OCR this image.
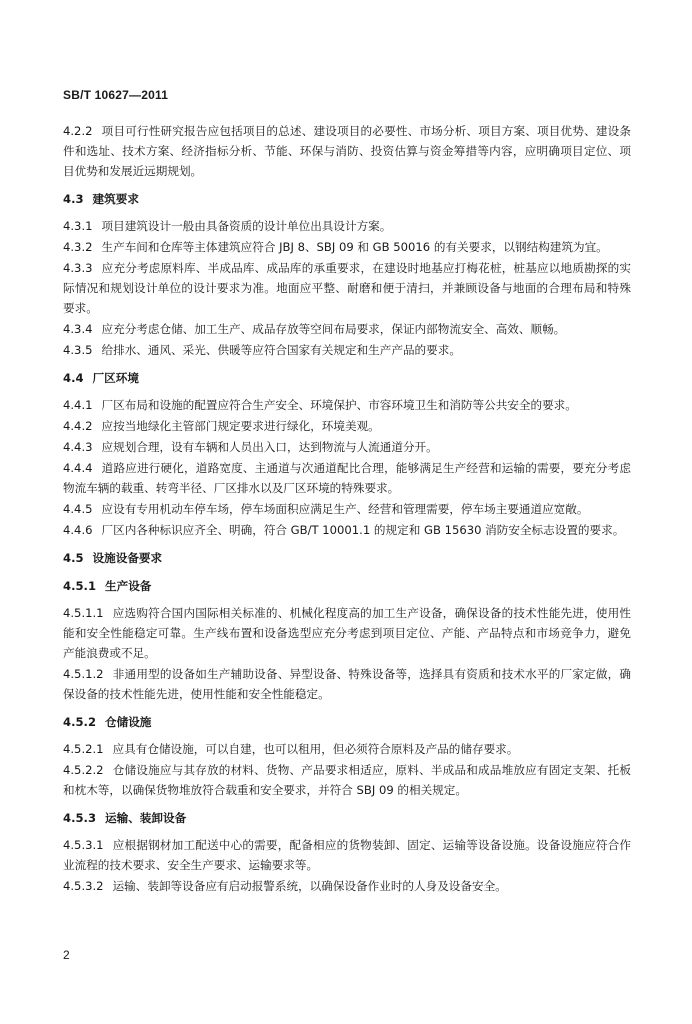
SB/T 10627—2011
4.2.2 项目可行性研究报告应包括项目的总述、建设项目的必要性、市场分析、项目方案、项目优势、建设条件和选址、技术方案、经济指标分析、节能、环保与消防、投资估算与资金筹措等内容，应明确项目定位、项目优势和发展近远期规划。
4.3 建筑要求
4.3.1 项目建筑设计一般由具备资质的设计单位出具设计方案。
4.3.2 生产车间和仓库等主体建筑应符合 JBJ 8、SBJ 09 和 GB 50016 的有关要求，以钢结构建筑为宜。
4.3.3 应充分考虑原料库、半成品库、成品库的承重要求，在建设时地基应打梅花桩，桩基应以地质勘探的实际情况和规划设计单位的设计要求为准。地面应平整、耐磨和便于清扫，并兼顾设备与地面的合理布局和特殊要求。
4.3.4 应充分考虑仓储、加工生产、成品存放等空间布局要求，保证内部物流安全、高效、顺畅。
4.3.5 给排水、通风、采光、供暖等应符合国家有关规定和生产产品的要求。
4.4 厂区环境
4.4.1 厂区布局和设施的配置应符合生产安全、环境保护、市容环境卫生和消防等公共安全的要求。
4.4.2 应按当地绿化主管部门规定要求进行绿化，环境美观。
4.4.3 应规划合理，设有车辆和人员出入口，达到物流与人流通道分开。
4.4.4 道路应进行硬化，道路宽度、主通道与次通道配比合理，能够满足生产经营和运输的需要，要充分考虑物流车辆的载重、转弯半径、厂区排水以及厂区环境的特殊要求。
4.4.5 应设有专用机动车停车场，停车场面积应满足生产、经营和管理需要，停车场主要通道应宽敞。
4.4.6 厂区内各种标识应齐全、明确，符合 GB/T 10001.1 的规定和 GB 15630 消防安全标志设置的要求。
4.5 设施设备要求
4.5.1 生产设备
4.5.1.1 应选购符合国内国际相关标准的、机械化程度高的加工生产设备，确保设备的技术性能先进，使用性能和安全性能稳定可靠。生产线布置和设备选型应充分考虑到项目定位、产能、产品特点和市场竞争力，避免产能浪费或不足。
4.5.1.2 非通用型的设备如生产辅助设备、异型设备、特殊设备等，选择具有资质和技术水平的厂家定做，确保设备的技术性能先进，使用性能和安全性能稳定。
4.5.2 仓储设施
4.5.2.1 应具有仓储设施，可以自建，也可以租用，但必须符合原料及产品的储存要求。
4.5.2.2 仓储设施应与其存放的材料、货物、产品要求相适应，原料、半成品和成品堆放应有固定支架、托板和枕木等，以确保货物堆放符合载重和安全要求，并符合 SBJ 09 的相关规定。
4.5.3 运输、装卸设备
4.5.3.1 应根据钢材加工配送中心的需要，配备相应的货物装卸、固定、运输等设备设施。设备设施应符合作业流程的技术要求、安全生产要求、运输要求等。
4.5.3.2 运输、装卸等设备应有启动报警系统，以确保设备作业时的人身及设备安全。
2
